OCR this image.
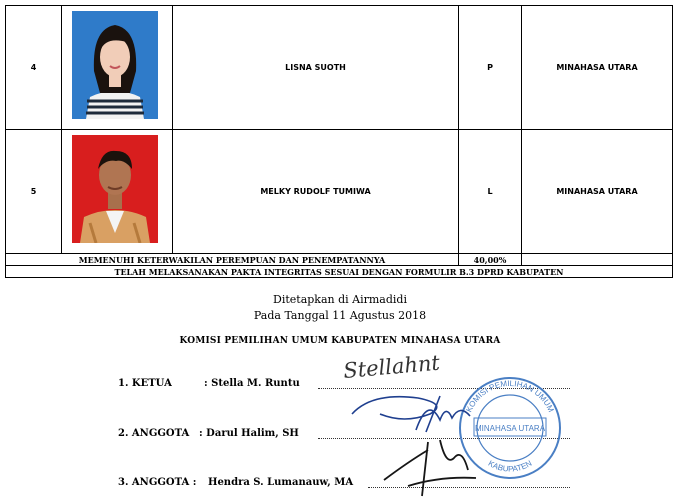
4		LISNA SUOTH	P	MINAHASA UTARA
5		MELKY RUDOLF TUMIWA	L	MINAHASA UTARA
MEMENUHI KETERWAKILAN PEREMPUAN DAN PENEMPATANNYA			40,00%	
TELAH MELAKSANAKAN PAKTA INTEGRITAS SESUAI DENGAN FORMULIR B.3 DPRD KABUPATEN				
Ditetapkan di Airmadidi
Pada Tanggal 11 Agustus 2018
KOMISI PEMILIHAN UMUM KABUPATEN MINAHASA UTARA
1. KETUA	: Stella M. Runtu
2. ANGGOTA : Darul Halim, SH
3. ANGGOTA : Hendra S. Lumanauw, MA
KOMISI PEMILIHAN UMUM
KABUPATEN
MINAHASA UTARA
Stellahnt
